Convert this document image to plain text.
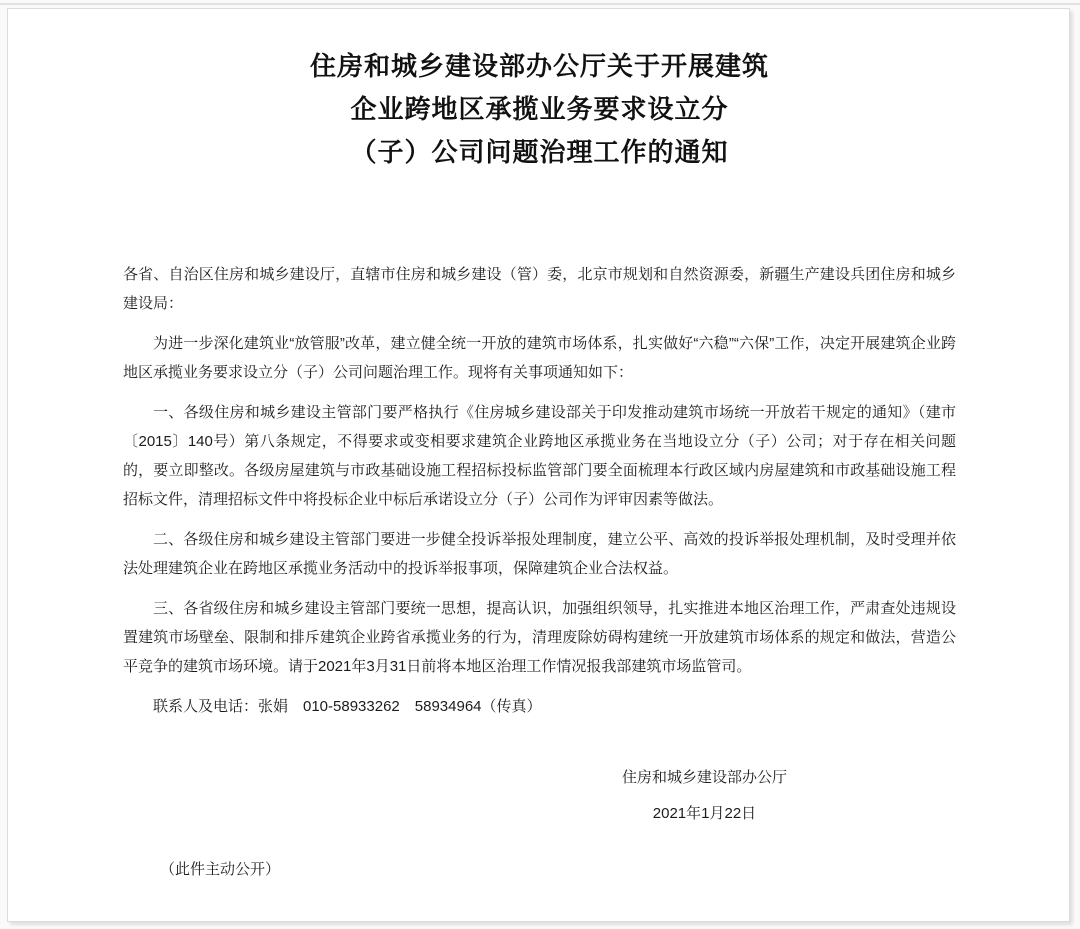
住房和城乡建设部办公厅关于开展建筑
企业跨地区承揽业务要求设立分
（子）公司问题治理工作的通知

各省、自治区住房和城乡建设厅，直辖市住房和城乡建设（管）委，北京市规划和自然资源委，新疆生产建设兵团住房和城乡建设局：

为进一步深化建筑业“放管服”改革，建立健全统一开放的建筑市场体系，扎实做好“六稳”“六保”工作，决定开展建筑企业跨地区承揽业务要求设立分（子）公司问题治理工作。现将有关事项通知如下：

一、各级住房和城乡建设主管部门要严格执行《住房城乡建设部关于印发推动建筑市场统一开放若干规定的通知》（建市〔2015〕140号）第八条规定，不得要求或变相要求建筑企业跨地区承揽业务在当地设立分（子）公司；对于存在相关问题的，要立即整改。各级房屋建筑与市政基础设施工程招标投标监管部门要全面梳理本行政区域内房屋建筑和市政基础设施工程招标文件，清理招标文件中将投标企业中标后承诺设立分（子）公司作为评审因素等做法。

二、各级住房和城乡建设主管部门要进一步健全投诉举报处理制度，建立公平、高效的投诉举报处理机制，及时受理并依法处理建筑企业在跨地区承揽业务活动中的投诉举报事项，保障建筑企业合法权益。

三、各省级住房和城乡建设主管部门要统一思想，提高认识，加强组织领导，扎实推进本地区治理工作，严肃查处违规设置建筑市场壁垒、限制和排斥建筑企业跨省承揽业务的行为，清理废除妨碍构建统一开放建筑市场体系的规定和做法，营造公平竞争的建筑市场环境。请于2021年3月31日前将本地区治理工作情况报我部建筑市场监管司。

联系人及电话：张娟　010-58933262　58934964（传真）

住房和城乡建设部办公厅
2021年1月22日

（此件主动公开）
